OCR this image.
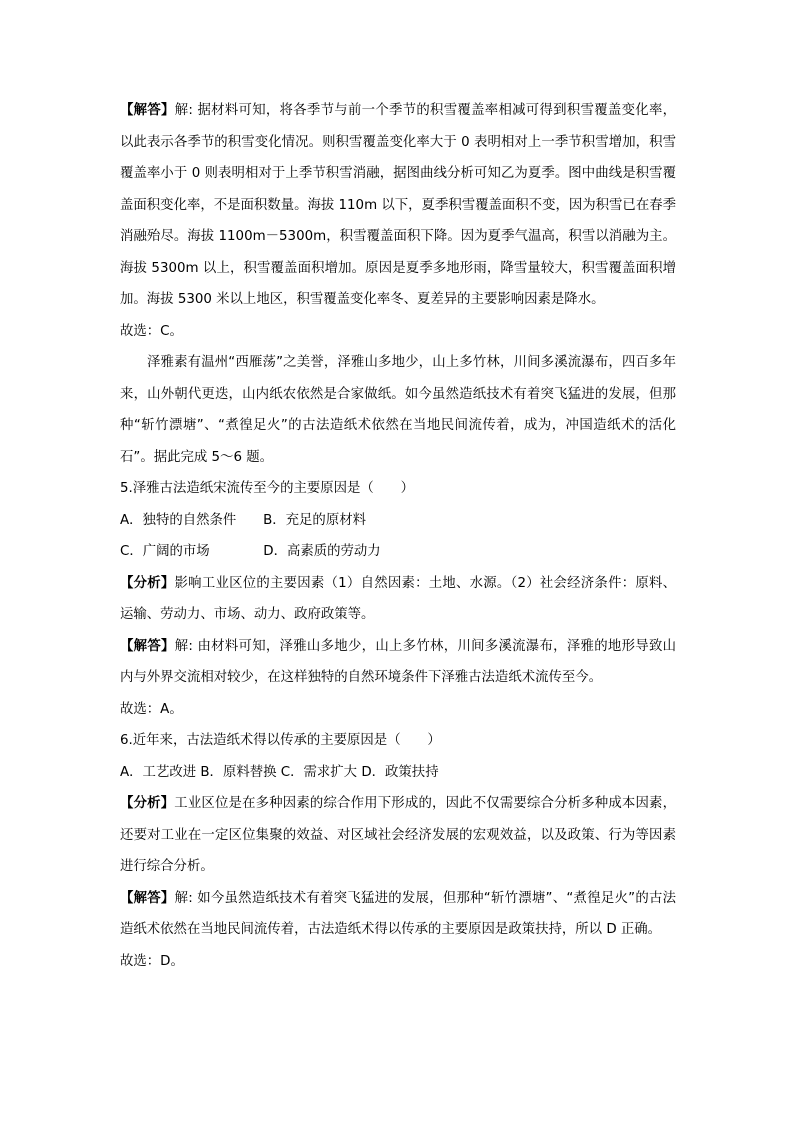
【解答】解: 据材料可知，将各季节与前一个季节的积雪覆盖率相减可得到积雪覆盖变化率，以此表示各季节的积雪变化情况。则积雪覆盖变化率大于 0 表明相对上一季节积雪增加，积雪覆盖率小于 0 则表明相对于上季节积雪消融，据图曲线分析可知乙为夏季。图中曲线是积雪覆盖面积变化率，不是面积数量。海拔 110m 以下，夏季积雪覆盖面积不变，因为积雪已在春季消融殆尽。海拔 1100m－5300m，积雪覆盖面积下降。因为夏季气温高，积雪以消融为主。海拔 5300m 以上，积雪覆盖面积增加。原因是夏季多地形雨，降雪量较大，积雪覆盖面积增加。海拔 5300 米以上地区，积雪覆盖变化率冬、夏差异的主要影响因素是降水。

故选：C。

泽雅素有温州“西雁荡”之美誉，泽雅山多地少，山上多竹林，川间多溪流瀑布，四百多年来，山外朝代更迭，山内纸农依然是合家做纸。如今虽然造纸技术有着突飞猛进的发展，但那种“斩竹漂塘”、“煮徨足火”的古法造纸术依然在当地民间流传着，成为，冲国造纸术的活化石”。据此完成 5～6 题。

5.泽雅古法造纸宋流传至今的主要原因是（　　）

A．独特的自然条件　　B．充足的原材料

C．广阔的市场　　　　D．高素质的劳动力

【分析】影响工业区位的主要因素（1）自然因素：土地、水源。（2）社会经济条件：原料、运输、劳动力、市场、动力、政府政策等。

【解答】解: 由材料可知，泽雅山多地少，山上多竹林，川间多溪流瀑布，泽雅的地形导致山内与外界交流相对较少，在这样独特的自然环境条件下泽雅古法造纸术流传至今。

故选：A。

6.近年来，古法造纸术得以传承的主要原因是（　　）

A．工艺改进 B．原料替换 C．需求扩大 D．政策扶持

【分析】工业区位是在多种因素的综合作用下形成的，因此不仅需要综合分析多种成本因素，还要对工业在一定区位集聚的效益、对区域社会经济发展的宏观效益，以及政策、行为等因素进行综合分析。

【解答】解: 如今虽然造纸技术有着突飞猛进的发展，但那种“斩竹漂塘”、“煮徨足火”的古法造纸术依然在当地民间流传着，古法造纸术得以传承的主要原因是政策扶持，所以 D 正确。

故选：D。
